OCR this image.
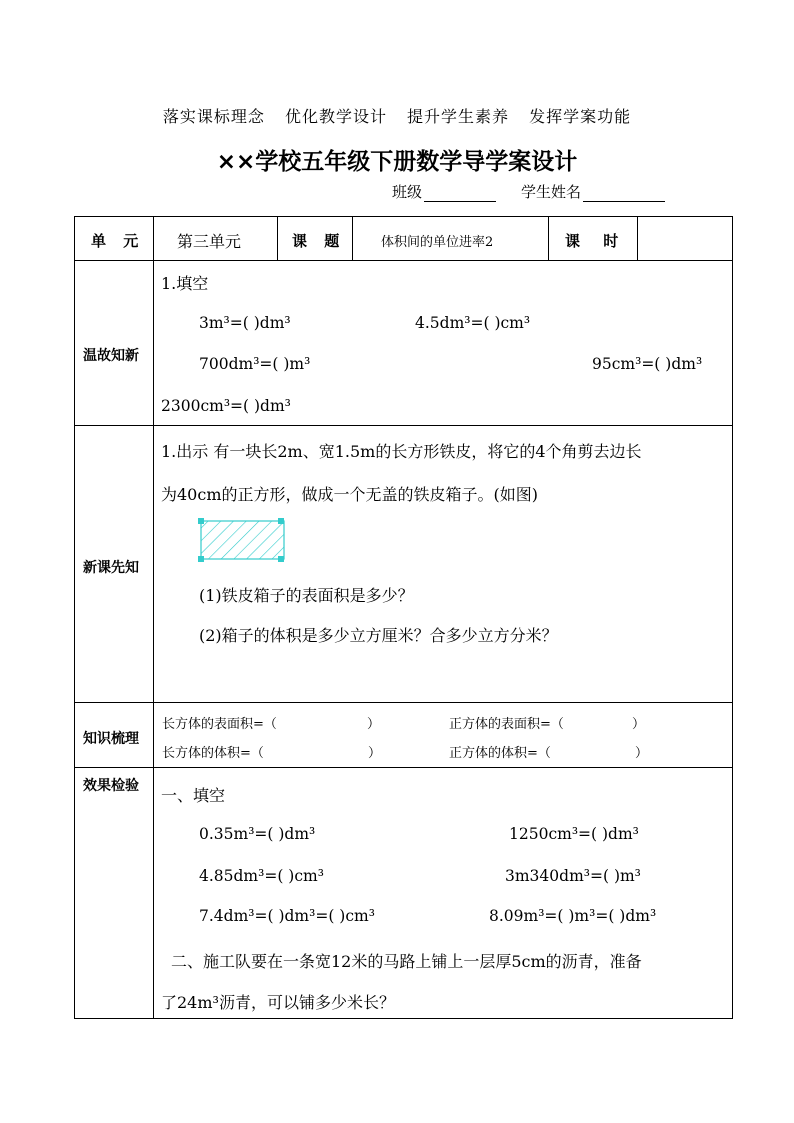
落实课标理念 优化教学设计 提升学生素养 发挥学案功能
××学校五年级下册数学导学案设计
班级	学生姓名
单 元 第三单元	课 题	体积间的单位进率2	课 时
温故知新
1.填空
3m³=( )dm³	4.5dm³=( )cm³
700dm³=( )m³	95cm³=( )dm³
2300cm³=( )dm³
新课先知
1.出示 有一块长2m、宽1.5m的长方形铁皮，将它的4个角剪去边长
为40cm的正方形，做成一个无盖的铁皮箱子。(如图)
(1)铁皮箱子的表面积是多少？
(2)箱子的体积是多少立方厘米？合多少立方分米？
知识梳理
长方体的表面积=（ ）	正方体的表面积=（ ）
长方体的体积=（ ）	正方体的体积=（ ）
效果检验 一、填空
0.35m³=( )dm³	1250cm³=( )dm³
4.85dm³=( )cm³	3m340dm³=( )m³
7.4dm³=( )dm³=( )cm³	8.09m³=( )m³=( )dm³
二、施工队要在一条宽12米的马路上铺上一层厚5cm的沥青，准备
了24m³沥青，可以铺多少米长？
